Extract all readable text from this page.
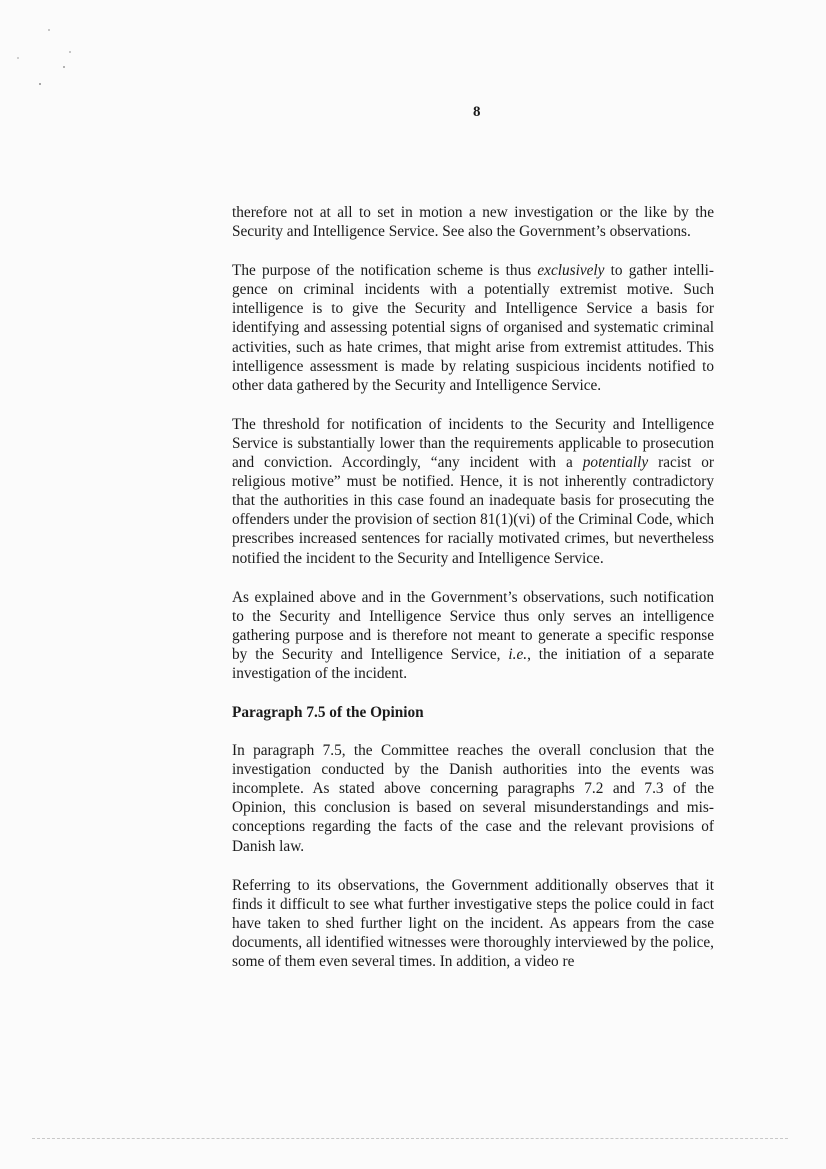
8

therefore not at all to set in motion a new investigation or the like by the Security and Intelligence Service. See also the Government’s observations.

The purpose of the notification scheme is thus exclusively to gather intelligence on criminal incidents with a potentially extremist motive. Such intelligence is to give the Security and Intelligence Service a basis for identifying and assessing potential signs of organised and systematic criminal activities, such as hate crimes, that might arise from extremist attitudes. This intelligence assessment is made by relating suspicious incidents notified to other data gathered by the Security and Intelligence Service.

The threshold for notification of incidents to the Security and Intelligence Service is substantially lower than the requirements applicable to prosecution and conviction. Accordingly, “any incident with a potentially racist or religious motive” must be notified. Hence, it is not inherently contradictory that the authorities in this case found an inadequate basis for prosecuting the offenders under the provision of section 81(1)(vi) of the Criminal Code, which prescribes increased sentences for racially motivated crimes, but nevertheless notified the incident to the Security and Intelligence Service.

As explained above and in the Government’s observations, such notification to the Security and Intelligence Service thus only serves an intelligence gathering purpose and is therefore not meant to generate a specific response by the Security and Intelligence Service, i.e., the initiation of a separate investigation of the incident.

Paragraph 7.5 of the Opinion

In paragraph 7.5, the Committee reaches the overall conclusion that the investigation conducted by the Danish authorities into the events was incomplete. As stated above concerning paragraphs 7.2 and 7.3 of the Opinion, this conclusion is based on several misunderstandings and misconceptions regarding the facts of the case and the relevant provisions of Danish law.

Referring to its observations, the Government additionally observes that it finds it difficult to see what further investigative steps the police could in fact have taken to shed further light on the incident. As appears from the case documents, all identified witnesses were thoroughly interviewed by the police, some of them even several times. In addition, a video re
